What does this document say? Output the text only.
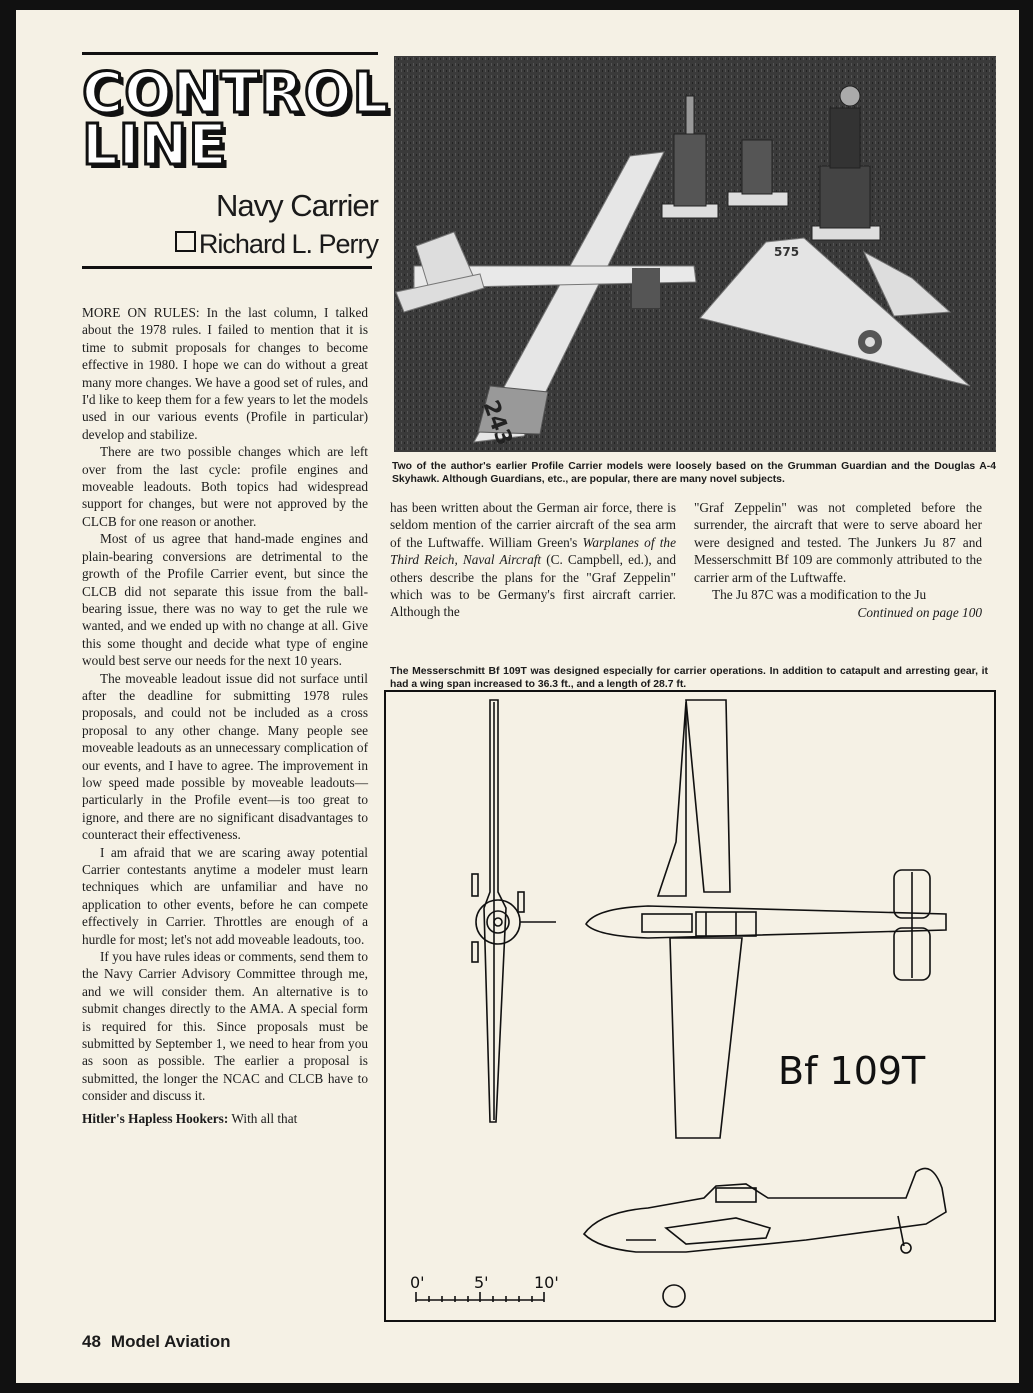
CONTROL
LINE
Navy Carrier
Richard L. Perry

MORE ON RULES: In the last column, I talked about the 1978 rules. I failed to mention that it is time to submit proposals for changes to become effective in 1980. I hope we can do without a great many more changes. We have a good set of rules, and I'd like to keep them for a few years to let the models used in our various events (Profile in particular) develop and stabilize.

There are two possible changes which are left over from the last cycle: profile engines and moveable leadouts. Both topics had widespread support for changes, but were not approved by the CLCB for one reason or another.

Most of us agree that hand-made engines and plain-bearing conversions are detrimental to the growth of the Profile Carrier event, but since the CLCB did not separate this issue from the ball-bearing issue, there was no way to get the rule we wanted, and we ended up with no change at all. Give this some thought and decide what type of engine would best serve our needs for the next 10 years.

The moveable leadout issue did not surface until after the deadline for submitting 1978 rules proposals, and could not be included as a cross proposal to any other change. Many people see moveable leadouts as an unnecessary complication of our events, and I have to agree. The improvement in low speed made possible by moveable leadouts—particularly in the Profile event—is too great to ignore, and there are no significant disadvantages to counteract their effectiveness.

I am afraid that we are scaring away potential Carrier contestants anytime a modeler must learn techniques which are unfamiliar and have no application to other events, before he can compete effectively in Carrier. Throttles are enough of a hurdle for most; let's not add moveable leadouts, too.

If you have rules ideas or comments, send them to the Navy Carrier Advisory Committee through me, and we will consider them. An alternative is to submit changes directly to the AMA. A special form is required for this. Since proposals must be submitted by September 1, we need to hear from you as soon as possible. The earlier a proposal is submitted, the longer the NCAC and CLCB have to consider and discuss it.

Hitler's Hapless Hookers: With all that

243
575
Two of the author's earlier Profile Carrier models were loosely based on the Grumman Guardian and the Douglas A-4 Skyhawk. Although Guardians, etc., are popular, there are many novel subjects.

has been written about the German air force, there is seldom mention of the carrier aircraft of the sea arm of the Luftwaffe. William Green's Warplanes of the Third Reich, Naval Aircraft (C. Campbell, ed.), and others describe the plans for the "Graf Zeppelin" which was to be Germany's first aircraft carrier. Although the

"Graf Zeppelin" was not completed before the surrender, the aircraft that were to serve aboard her were designed and tested. The Junkers Ju 87 and Messerschmitt Bf 109 are commonly attributed to the carrier arm of the Luftwaffe.

The Ju 87C was a modification to the Ju

Continued on page 100
The Messerschmitt Bf 109T was designed especially for carrier operations. In addition to catapult and arresting gear, it had a wing span increased to 36.3 ft., and a length of 28.7 ft.
Bf 109T
0'	5'	10'
48 Model Aviation
